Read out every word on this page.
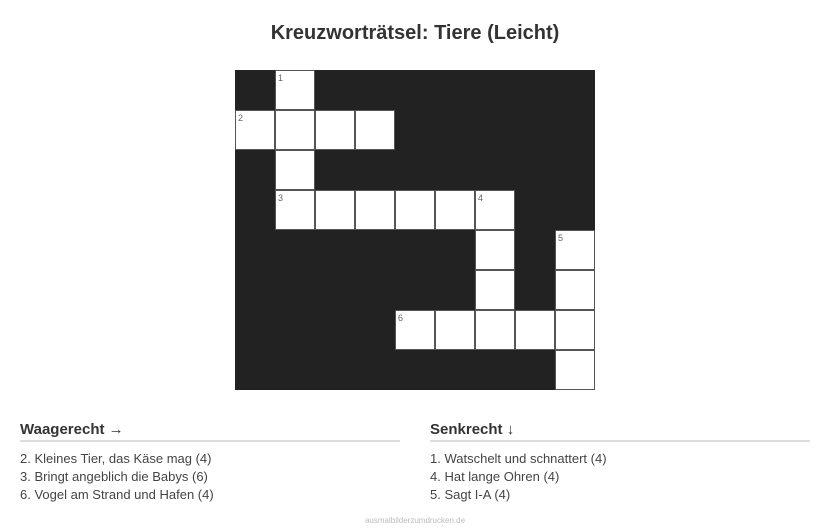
Kreuzworträtsel: Tiere (Leicht)
1
2
3	4
5
6
Waagerecht →
2. Kleines Tier, das Käse mag (4)
3. Bringt angeblich die Babys (6)
6. Vogel am Strand und Hafen (4)
Senkrecht ↓
1. Watschelt und schnattert (4)
4. Hat lange Ohren (4)
5. Sagt I-A (4)
ausmalbilderzumdrucken.de
